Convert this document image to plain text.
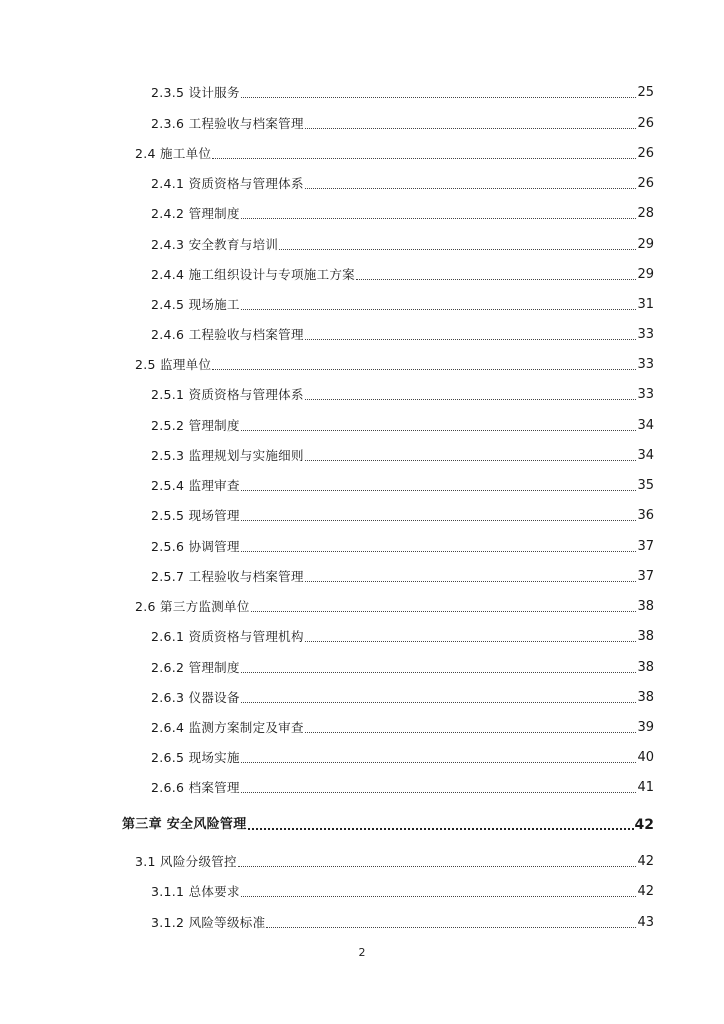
2.3.5 设计服务	25
2.3.6 工程验收与档案管理	26
2.4 施工单位	26
2.4.1 资质资格与管理体系	26
2.4.2 管理制度	28
2.4.3 安全教育与培训	29
2.4.4 施工组织设计与专项施工方案	29
2.4.5 现场施工	31
2.4.6 工程验收与档案管理	33
2.5 监理单位	33
2.5.1 资质资格与管理体系	33
2.5.2 管理制度	34
2.5.3 监理规划与实施细则	34
2.5.4 监理审查	35
2.5.5 现场管理	36
2.5.6 协调管理	37
2.5.7 工程验收与档案管理	37
2.6 第三方监测单位	38
2.6.1 资质资格与管理机构	38
2.6.2 管理制度	38
2.6.3 仪器设备	38
2.6.4 监测方案制定及审查	39
2.6.5 现场实施	40
2.6.6 档案管理	41
第三章 安全风险管理	42
3.1 风险分级管控	42
3.1.1 总体要求	42
3.1.2 风险等级标准	43
2
